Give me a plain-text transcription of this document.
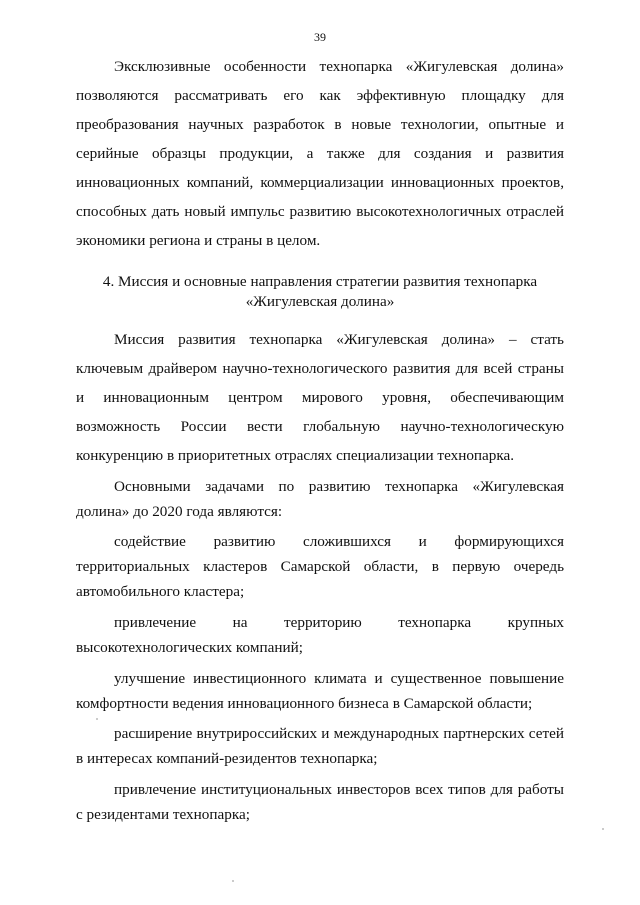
39

Эксклюзивные особенности технопарка «Жигулевская долина» позволяются рассматривать его как эффективную площадку для преобразования научных разработок в новые технологии, опытные и серийные образцы продукции, а также для создания и развития инновационных компаний, коммерциализации инновационных проектов, способных дать новый импульс развитию высокотехнологичных отраслей экономики региона и страны в целом.

4. Миссия и основные направления стратегии развития технопарка
«Жигулевская долина»

Миссия развития технопарка «Жигулевская долина» – стать ключевым драйвером научно-технологического развития для всей страны и инновационным центром мирового уровня, обеспечивающим возможность России вести глобальную научно-технологическую конкуренцию в приоритетных отраслях специализации технопарка.

Основными задачами по развитию технопарка «Жигулевская долина» до 2020 года являются:

содействие развитию сложившихся и формирующихся территориальных кластеров Самарской области, в первую очередь автомобильного кластера;

привлечение на территорию технопарка крупных высокотехнологических компаний;

улучшение инвестиционного климата и существенное повышение комфортности ведения инновационного бизнеса в Самарской области;

расширение внутрироссийских и международных партнерских сетей в интересах компаний-резидентов технопарка;

привлечение институциональных инвесторов всех типов для работы с резидентами технопарка;
